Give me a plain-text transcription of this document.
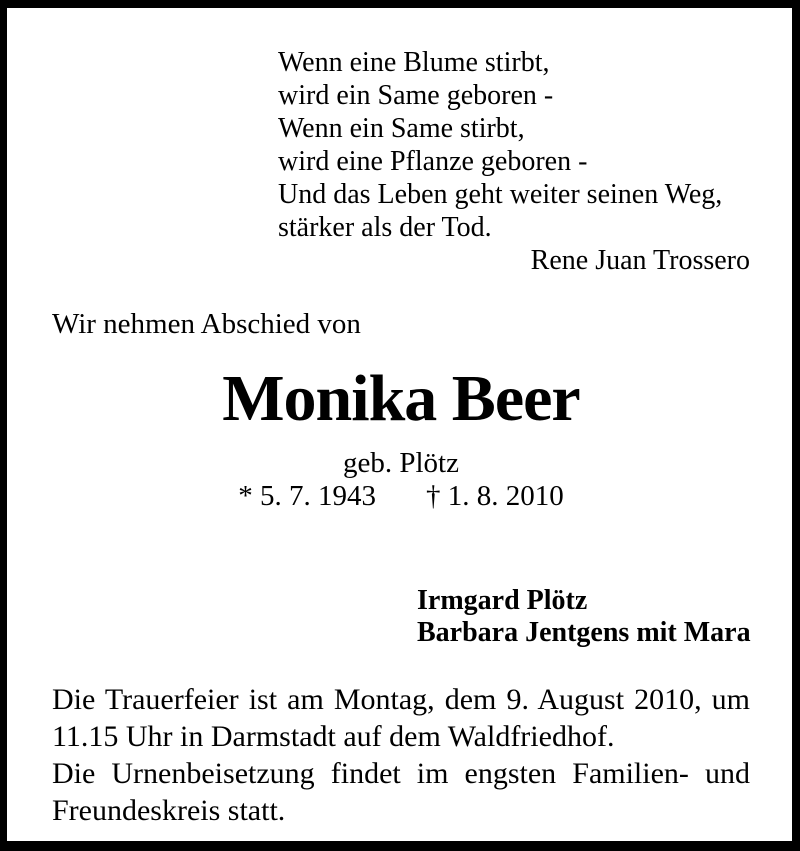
Wenn eine Blume stirbt,
wird ein Same geboren -
Wenn ein Same stirbt,
wird eine Pflanze geboren -
Und das Leben geht weiter seinen Weg,
stärker als der Tod.
Rene Juan Trossero
Wir nehmen Abschied von
Monika Beer
geb. Plötz
* 5. 7. 1943 † 1. 8. 2010
Irmgard Plötz
Barbara Jentgens mit Mara

Die Trauerfeier ist am Montag, dem 9. August 2010, um 11.15 Uhr in Darmstadt auf dem Waldfriedhof.

Die Urnenbeisetzung findet im engsten Familien- und Freundeskreis statt.
